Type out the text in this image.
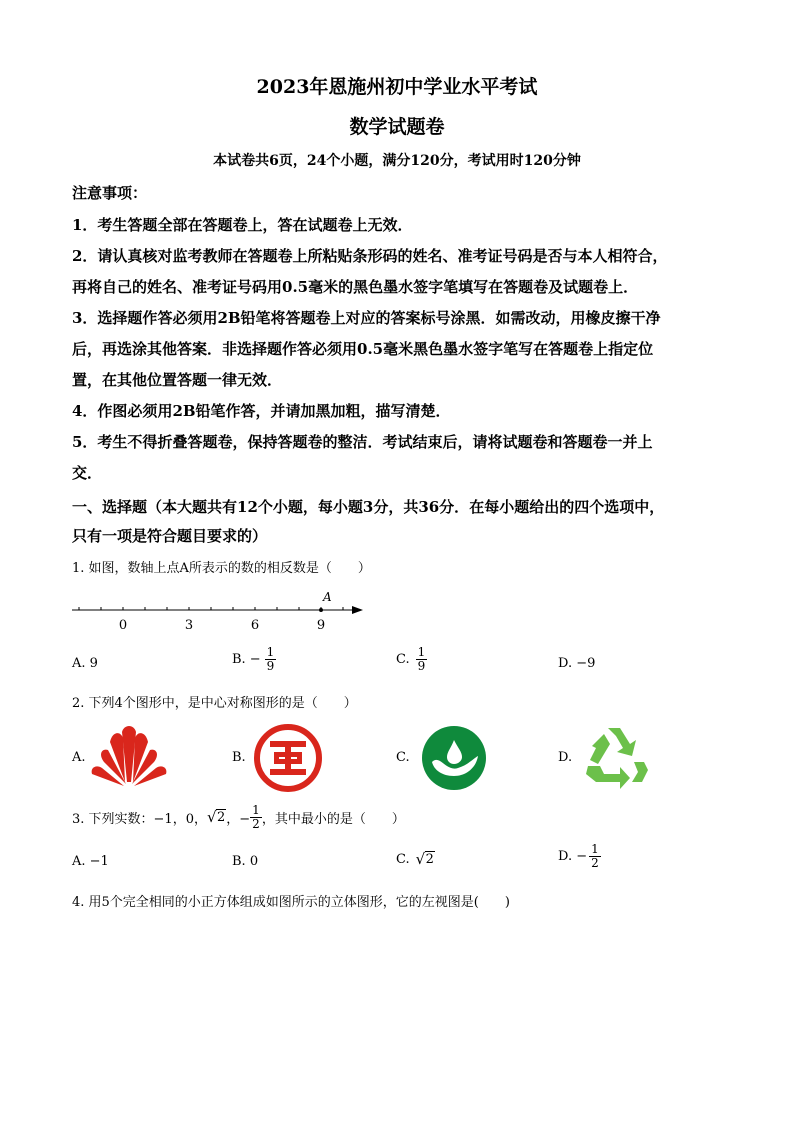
2023年恩施州初中学业水平考试
数学试题卷
本试卷共6页，24个小题，满分120分，考试用时120分钟
注意事项：
1．考生答题全部在答题卷上，答在试题卷上无效．
2．请认真核对监考教师在答题卷上所粘贴条形码的姓名、准考证号码是否与本人相符合，
再将自己的姓名、准考证号码用0.5毫米的黑色墨水签字笔填写在答题卷及试题卷上．
3．选择题作答必须用2B铅笔将答题卷上对应的答案标号涂黑．如需改动，用橡皮擦干净
后，再选涂其他答案．非选择题作答必须用0.5毫米黑色墨水签字笔写在答题卷上指定位
置，在其他位置答题一律无效．
4．作图必须用2B铅笔作答，并请加黑加粗，描写清楚．
5．考生不得折叠答题卷，保持答题卷的整洁．考试结束后，请将试题卷和答题卷一并上
交．
一、选择题（本大题共有12个小题，每小题3分，共36分．在每小题给出的四个选项中，
只有一项是符合题目要求的）
1. 如图，数轴上点A所表示的数的相反数是（　　）
A
0	3	6	9
A. 9	B. − $\frac{1}{9}$	C. $\frac{1}{9}$	D. −9
2. 下列4个图形中，是中心对称图形的是（　　）
A.	B.	C.	D.
3. 下列实数：−1，0， √ 2 ，− $\frac{1}{2}$ ，其中最小的是（　　）
A. −1	B. 0	C. √ 2	D. − $\frac{1}{2}$
4. 用5个完全相同的小正方体组成如图所示的立体图形，它的左视图是(　　)
